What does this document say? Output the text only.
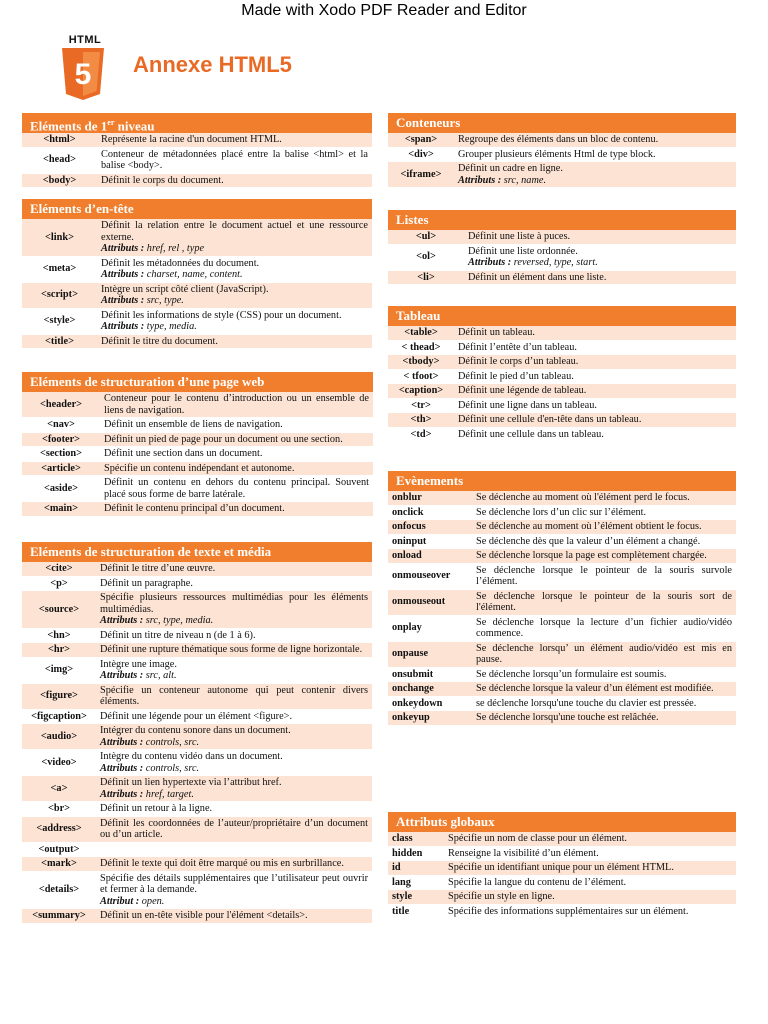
Made with Xodo PDF Reader and Editor
HTML
5 Annexe HTML5
Eléments de 1er niveau
<html>	Représente la racine d'un document HTML.
<head>	Conteneur de métadonnées placé entre la balise <html> et la balise <body>.
<body>	Définit le corps du document.
Eléments d’en-tête
<link>	Définit la relation entre le document actuel et une ressource externe.
Attributs : href, rel , type
<meta>	Définit les métadonnées du document.
Attributs : charset, name, content.
<script>	Intègre un script côté client (JavaScript).
Attributs : src, type.
<style>	Définit les informations de style (CSS) pour un document.
Attributs : type, media.
<title>	Définit le titre du document.
Eléments de structuration d’une page web
<header>	Conteneur pour le contenu d’introduction ou un ensemble de liens de navigation.
<nav>	Définit un ensemble de liens de navigation.
<footer>	Définit un pied de page pour un document ou une section.
<section>	Définit une section dans un document.
<article>	Spécifie un contenu indépendant et autonome.
<aside>	Définit un contenu en dehors du contenu principal. Souvent placé sous forme de barre latérale.
<main>	Définit le contenu principal d’un document.
Eléments de structuration de texte et média
<cite>	Définit le titre d’une œuvre.
<p>	Définit un paragraphe.
<source>	Spécifie plusieurs ressources multimédias pour les éléments multimédias.
Attributs : src, type, media.
<hn>	Définit un titre de niveau n (de 1 à 6).
<hr>	Définit une rupture thématique sous forme de ligne horizontale.
<img>	Intègre une image.
Attributs : src, alt.
<figure>	Spécifie un conteneur autonome qui peut contenir divers éléments.
<figcaption>	Définit une légende pour un élément <figure>.
<audio>	Intégrer du contenu sonore dans un document.
Attributs : controls, src.
<video>	Intègre du contenu vidéo dans un document.
Attributs : controls, src.
<a>	Définit un lien hypertexte via l’attribut href.
Attributs : href, target.
<br>	Définit un retour à la ligne.
<address>	Définit les coordonnées de l’auteur/propriétaire d’un document ou d’un article.
<output>	
<mark>	Définit le texte qui doit être marqué ou mis en surbrillance.
<details>	Spécifie des détails supplémentaires que l’utilisateur peut ouvrir et fermer à la demande.
Attribut : open.
<summary>	Définit un en-tête visible pour l'élément <details>.
Conteneurs
<span>	Regroupe des éléments dans un bloc de contenu.
<div>	Grouper plusieurs éléments Html de type block.
<iframe>	Définit un cadre en ligne.
Attributs : src, name.
Listes
<ul>	Définit une liste à puces.
<ol>	Définit une liste ordonnée.
Attributs : reversed, type, start.
<li>	Définit un élément dans une liste.
Tableau
<table>	Définit un tableau.
< thead>	Définit l’entête d’un tableau.
<tbody>	Définit le corps d’un tableau.
< tfoot>	Définit le pied d’un tableau.
<caption>	Définit une légende de tableau.
<tr>	Définit une ligne dans un tableau.
<th>	Définit une cellule d'en-tête dans un tableau.
<td>	Définit une cellule dans un tableau.
Evènements
onblur	Se déclenche au moment où l'élément perd le focus.
onclick	Se déclenche lors d’un clic sur l’élément.
onfocus	Se déclenche au moment où l’élément obtient le focus.
oninput	Se déclenche dès que la valeur d’un élément a changé.
onload	Se déclenche lorsque la page est complètement chargée.
onmouseover	Se déclenche lorsque le pointeur de la souris survole l’élément.
onmouseout	Se déclenche lorsque le pointeur de la souris sort de l'élément.
onplay	Se déclenche lorsque la lecture d’un fichier audio/vidéo commence.
onpause	Se déclenche lorsqu’ un élément audio/vidéo est mis en pause.
onsubmit	Se déclenche lorsqu’un formulaire est soumis.
onchange	Se déclenche lorsque la valeur d’un élément est modifiée.
onkeydown	se déclenche lorsqu'une touche du clavier est pressée.
onkeyup	Se déclenche lorsqu'une touche est relâchée.
Attributs globaux
class	Spécifie un nom de classe pour un élément.
hidden	Renseigne la visibilité d’un élément.
id	Spécifie un identifiant unique pour un élément HTML.
lang	Spécifie la langue du contenu de l’élément.
style	Spécifie un style en ligne.
title	Spécifie des informations supplémentaires sur un élément.
